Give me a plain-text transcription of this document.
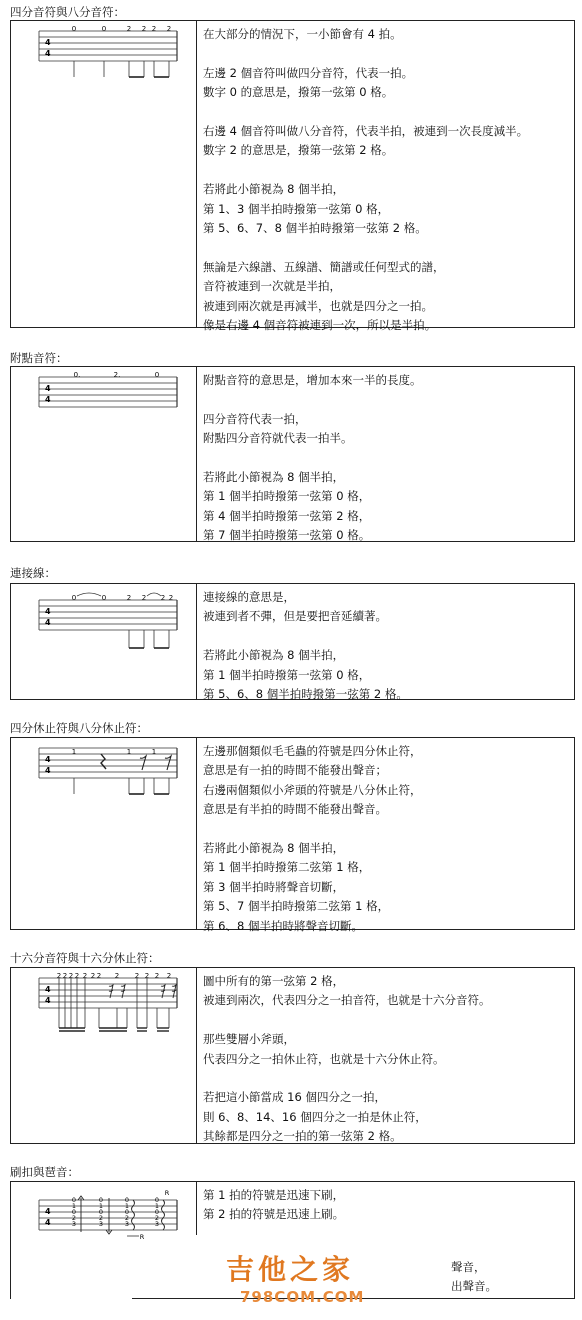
四分音符與八分音符：
4
4
0	0	2 2 2 2	在大部分的情況下，一小節會有 4 拍。
左邊 2 個音符叫做四分音符，代表一拍。
數字 0 的意思是，撥第一弦第 0 格。
右邊 4 個音符叫做八分音符，代表半拍，被連到一次長度減半。
數字 2 的意思是，撥第一弦第 2 格。
若將此小節視為 8 個半拍，
第 1、3 個半拍時撥第一弦第 0 格，
第 5、6、7、8 個半拍時撥第一弦第 2 格。
無論是六線譜、五線譜、簡譜或任何型式的譜，
音符被連到一次就是半拍，
被連到兩次就是再減半，也就是四分之一拍。
像是右邊 4 個音符被連到一次，所以是半拍。
附點音符：
4
4
0.	2.	0	附點音符的意思是，增加本來一半的長度。
四分音符代表一拍，
附點四分音符就代表一拍半。
若將此小節視為 8 個半拍，
第 1 個半拍時撥第一弦第 0 格，
第 4 個半拍時撥第一弦第 2 格，
第 7 個半拍時撥第一弦第 0 格。
連接線：
4
4
0	0	2 2 2 2	連接線的意思是，
被連到者不彈，但是要把音延續著。
若將此小節視為 8 個半拍，
第 1 個半拍時撥第一弦第 0 格，
第 5、6、8 個半拍時撥第一弦第 2 格。
四分休止符與八分休止符：
4
4
1	1	1	左邊那個類似毛毛蟲的符號是四分休止符，
意思是有一拍的時間不能發出聲音；
右邊兩個類似小斧頭的符號是八分休止符，
意思是有半拍的時間不能發出聲音。
若將此小節視為 8 個半拍，
第 1 個半拍時撥第二弦第 1 格，
第 3 個半拍時將聲音切斷，
第 5、7 個半拍時撥第二弦第 1 格，
第 6、8 個半拍時將聲音切斷。
十六分音符與十六分休止符：
4
4
2 2 2 2 2 2 2 2 2 2 2 2	圖中所有的第一弦第 2 格，
被連到兩次，代表四分之一拍音符，也就是十六分音符。
那些雙層小斧頭，
代表四分之一拍休止符，也就是十六分休止符。
若把這小節當成 16 個四分之一拍，
則 6、8、14、16 個四分之一拍是休止符，
其餘都是四分之一拍的第一弦第 2 格。
刷扣與琶音：
4
4
0
1
0
2
3
0
1
0
2
3
0
1
0
2
3
0
1
0
2
3
R
R
第 1 拍的符號是迅速下刷，
第 2 拍的符號是迅速上刷。
聲音，
出聲音。
吉他之家
798COM.COM
